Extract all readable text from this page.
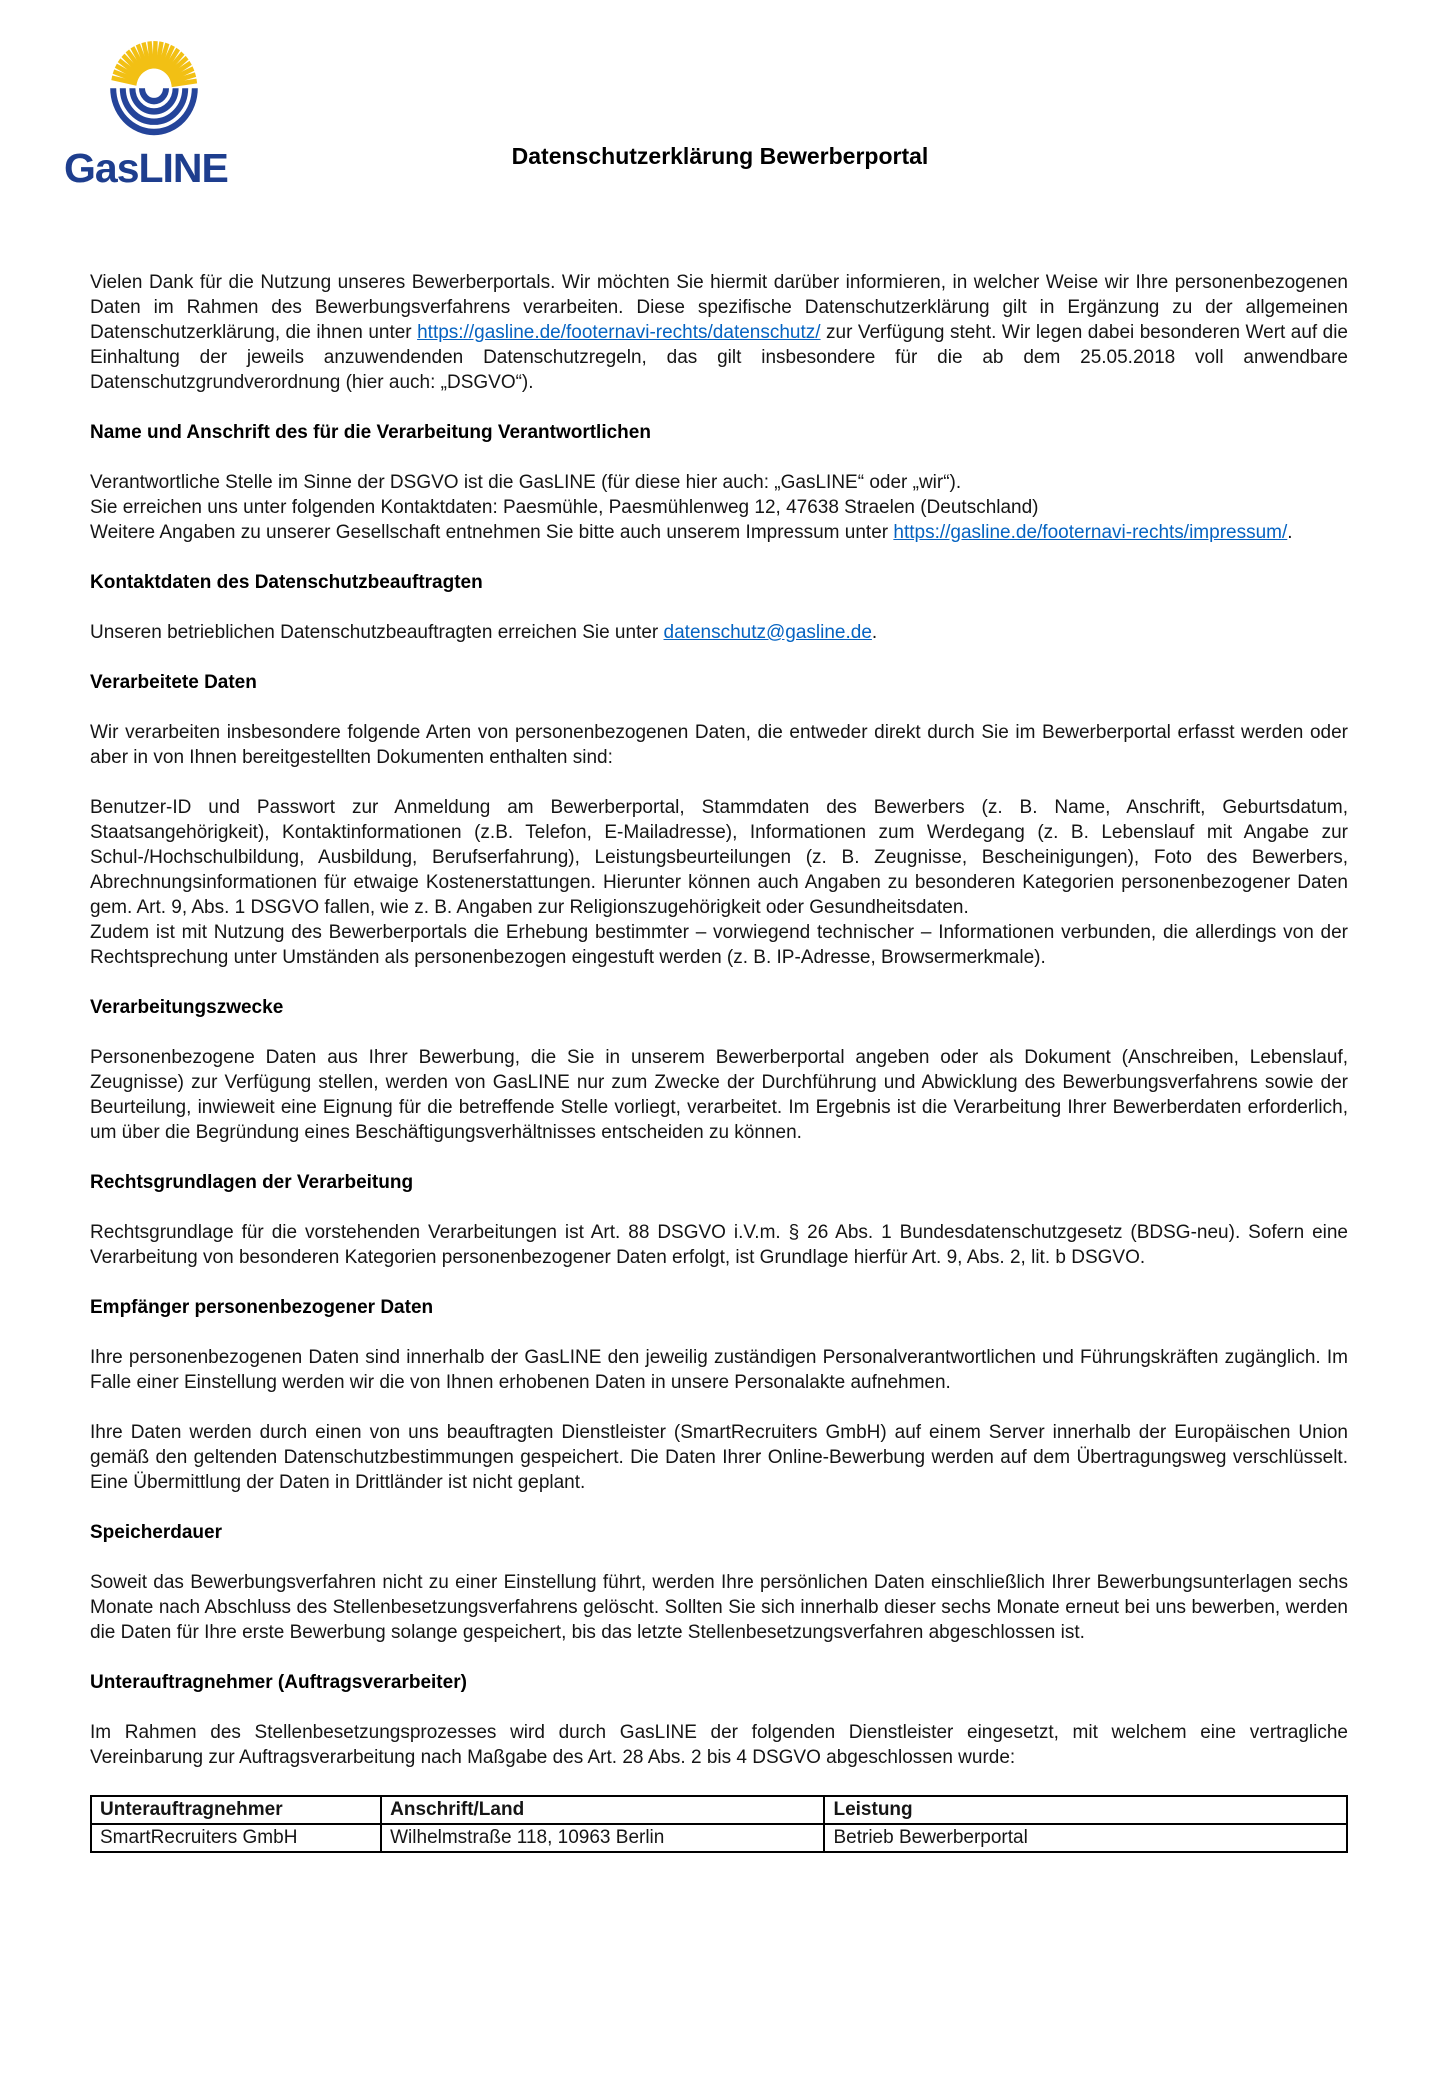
GasLINE	Datenschutzerklärung Bewerberportal

Vielen Dank für die Nutzung unseres Bewerberportals. Wir möchten Sie hiermit darüber informieren, in welcher Weise wir Ihre personenbezogenen Daten im Rahmen des Bewerbungsverfahrens verarbeiten. Diese spezifische Datenschutzerklärung gilt in Ergänzung zu der allgemeinen Datenschutzerklärung, die ihnen unter https://gasline.de/footernavi-rechts/datenschutz/ zur Verfügung steht. Wir legen dabei besonderen Wert auf die Einhaltung der jeweils anzuwendenden Datenschutzregeln, das gilt insbesondere für die ab dem 25.05.2018 voll anwendbare Datenschutzgrundverordnung (hier auch: „DSGVO“).

Name und Anschrift des für die Verarbeitung Verantwortlichen

Verantwortliche Stelle im Sinne der DSGVO ist die GasLINE (für diese hier auch: „GasLINE“ oder „wir“).
Sie erreichen uns unter folgenden Kontaktdaten: Paesmühle, Paesmühlenweg 12, 47638 Straelen (Deutschland)
Weitere Angaben zu unserer Gesellschaft entnehmen Sie bitte auch unserem Impressum unter https://gasline.de/footernavi-rechts/impressum/.

Kontaktdaten des Datenschutzbeauftragten

Unseren betrieblichen Datenschutzbeauftragten erreichen Sie unter datenschutz@gasline.de.

Verarbeitete Daten

Wir verarbeiten insbesondere folgende Arten von personenbezogenen Daten, die entweder direkt durch Sie im Bewerberportal erfasst werden oder aber in von Ihnen bereitgestellten Dokumenten enthalten sind:

Benutzer-ID und Passwort zur Anmeldung am Bewerberportal, Stammdaten des Bewerbers (z. B. Name, Anschrift, Geburtsdatum, Staatsangehörigkeit), Kontaktinformationen (z.B. Telefon, E-Mailadresse), Informationen zum Werdegang (z. B. Lebenslauf mit Angabe zur Schul-/Hochschulbildung, Ausbildung, Berufserfahrung), Leistungsbeurteilungen (z. B. Zeugnisse, Bescheinigungen), Foto des Bewerbers, Abrechnungsinformationen für etwaige Kostenerstattungen. Hierunter können auch Angaben zu besonderen Kategorien personenbezogener Daten gem. Art. 9, Abs. 1 DSGVO fallen, wie z. B. Angaben zur Religionszugehörigkeit oder Gesundheitsdaten.
Zudem ist mit Nutzung des Bewerberportals die Erhebung bestimmter – vorwiegend technischer – Informationen verbunden, die allerdings von der Rechtsprechung unter Umständen als personenbezogen eingestuft werden (z. B. IP-Adresse, Browsermerkmale).

Verarbeitungszwecke

Personenbezogene Daten aus Ihrer Bewerbung, die Sie in unserem Bewerberportal angeben oder als Dokument (Anschreiben, Lebenslauf, Zeugnisse) zur Verfügung stellen, werden von GasLINE nur zum Zwecke der Durchführung und Abwicklung des Bewerbungsverfahrens sowie der Beurteilung, inwieweit eine Eignung für die betreffende Stelle vorliegt, verarbeitet. Im Ergebnis ist die Verarbeitung Ihrer Bewerberdaten erforderlich, um über die Begründung eines Beschäftigungsverhältnisses entscheiden zu können.

Rechtsgrundlagen der Verarbeitung

Rechtsgrundlage für die vorstehenden Verarbeitungen ist Art. 88 DSGVO i.V.m. § 26 Abs. 1 Bundesdatenschutzgesetz (BDSG-neu). Sofern eine Verarbeitung von besonderen Kategorien personenbezogener Daten erfolgt, ist Grundlage hierfür Art. 9, Abs. 2, lit. b DSGVO.

Empfänger personenbezogener Daten

Ihre personenbezogenen Daten sind innerhalb der GasLINE den jeweilig zuständigen Personalverantwortlichen und Führungskräften zugänglich. Im Falle einer Einstellung werden wir die von Ihnen erhobenen Daten in unsere Personalakte aufnehmen.

Ihre Daten werden durch einen von uns beauftragten Dienstleister (SmartRecruiters GmbH) auf einem Server innerhalb der Europäischen Union gemäß den geltenden Datenschutzbestimmungen gespeichert. Die Daten Ihrer Online-Bewerbung werden auf dem Übertragungsweg verschlüsselt. Eine Übermittlung der Daten in Drittländer ist nicht geplant.

Speicherdauer

Soweit das Bewerbungsverfahren nicht zu einer Einstellung führt, werden Ihre persönlichen Daten einschließlich Ihrer Bewerbungsunterlagen sechs Monate nach Abschluss des Stellenbesetzungsverfahrens gelöscht. Sollten Sie sich innerhalb dieser sechs Monate erneut bei uns bewerben, werden die Daten für Ihre erste Bewerbung solange gespeichert, bis das letzte Stellenbesetzungsverfahren abgeschlossen ist.

Unterauftragnehmer (Auftragsverarbeiter)

Im Rahmen des Stellenbesetzungsprozesses wird durch GasLINE der folgenden Dienstleister eingesetzt, mit welchem eine vertragliche Vereinbarung zur Auftragsverarbeitung nach Maßgabe des Art. 28 Abs. 2 bis 4 DSGVO abgeschlossen wurde:

Unterauftragnehmer	Anschrift/Land	Leistung
SmartRecruiters GmbH	Wilhelmstraße 118, 10963 Berlin	Betrieb Bewerberportal
